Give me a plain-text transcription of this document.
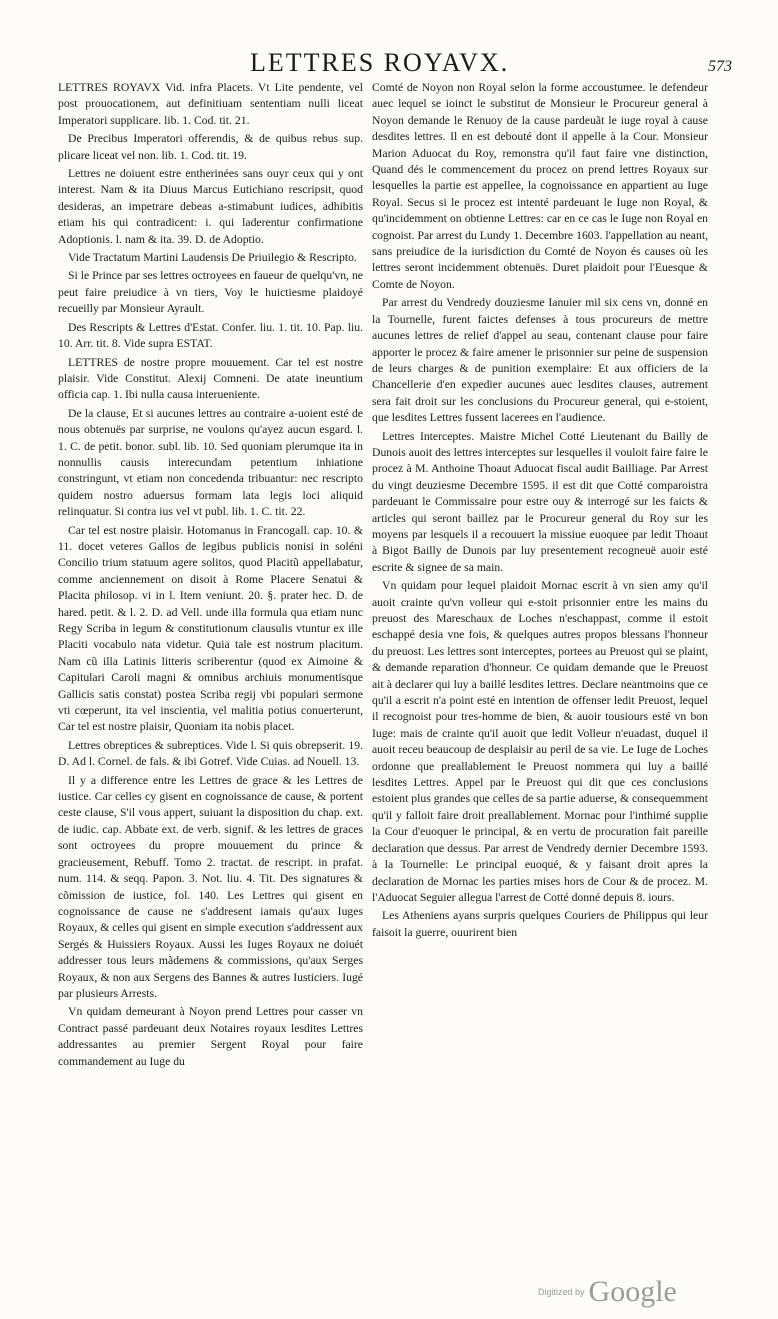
LETTRES ROYAVX.	573

LETTRES ROYAVX Vid. infra Placets. Vt Lite pendente, vel post prouocationem, aut definitiuam sententiam nulli liceat Imperatori supplicare. lib. 1. Cod. tit. 21.

De Precibus Imperatori offerendis, & de quibus rebus sup. plicare liceat vel non. lib. 1. Cod. tit. 19.

Lettres ne doiuent estre entherinées sans ouyr ceux qui y ont interest. Nam & ita Diuus Marcus Eutichiano rescripsit, quod desideras, an impetrare debeas a-stimabunt iudices, adhibitis etiam his qui contradicent: i. qui laderentur confirmatione Adoptionis. l. nam & ita. 39. D. de Adoptio.

Vide Tractatum Martini Laudensis De Priuilegio & Rescripto.

Si le Prince par ses lettres octroyees en faueur de quelqu'vn, ne peut faire preiudice à vn tiers, Voy le huictiesme plaidoyé recueilly par Monsieur Ayrault.

Des Rescripts & Lettres d'Estat. Confer. liu. 1. tit. 10. Pap. liu. 10. Arr. tit. 8. Vide supra ESTAT.

LETTRES de nostre propre mouuement. Car tel est nostre plaisir. Vide Constitut. Alexij Comneni. De atate ineuntium officia cap. 1. Ibi nulla causa interueniente.

De la clause, Et si aucunes lettres au contraire a-uoient esté de nous obtenuës par surprise, ne voulons qu'ayez aucun esgard. l. 1. C. de petit. bonor. subl. lib. 10. Sed quoniam plerumque ita in nonnullis causis interecundam petentium inhiatione constringunt, vt etiam non concedenda tribuantur: nec rescripto quidem nostro aduersus formam lata legis loci aliquid relinquatur. Si contra ius vel vt publ. lib. 1. C. tit. 22.

Car tel est nostre plaisir. Hotomanus in Francogall. cap. 10. & 11. docet veteres Gallos de legibus publicis nonisi in soléni Concilio trium statuum agere solitos, quod Placitũ appellabatur, comme anciennement on disoit à Rome Placere Senatui & Placita philosop. vi in l. Item veniunt. 20. §. prater hec. D. de hared. petit. & l. 2. D. ad Vell. unde illa formula qua etiam nunc Regy Scriba in legum & constitutionum clausulis vtuntur ex ille Placiti vocabulo nata videtur. Quia tale est nostrum placitum. Nam cũ illa Latinis litteris scriberentur (quod ex Aimoine & Capitulari Caroli magni & omnibus archiuis monumentisque Gallicis satis constat) postea Scriba regij vbi populari sermone vti cœperunt, ita vel inscientia, vel malitia potius conuerterunt, Car tel est nostre plaisir, Quoniam ita nobis placet.

Lettres obreptices & subreptices. Vide l. Si quis obrepserit. 19. D. Ad l. Cornel. de fals. & ibi Gotref. Vide Cuias. ad Nouell. 13.

Il y a difference entre les Lettres de grace & les Lettres de iustice. Car celles cy gisent en cognoissance de cause, & portent ceste clause, S'il vous appert, suiuant la disposition du chap. ext. de iudic. cap. Abbate ext. de verb. signif. & les lettres de graces sont octroyees du propre mouuement du prince & gracieusement, Rebuff. Tomo 2. tractat. de rescript. in prafat. num. 114. & seqq. Papon. 3. Not. liu. 4. Tit. Des signatures & cõmission de iustice, fol. 140. Les Lettres qui gisent en cognoissance de cause ne s'addresent iamais qu'aux Iuges Royaux, & celles qui gisent en simple execution s'addressent aux Sergés & Huissiers Royaux. Aussi les Iuges Royaux ne doiuét addresser tous leurs mãdemens & commissions, qu'aux Serges Royaux, & non aux Sergens des Bannes & autres Iusticiers. Iugé par plusieurs Arrests.

Vn quidam demeurant à Noyon prend Lettres pour casser vn Contract passé pardeuant deux Notaires royaux lesdites Lettres addressantes au premier Sergent Royal pour faire commandement au Iuge du

Comté de Noyon non Royal selon la forme accoustumee. le defendeur auec lequel se ioinct le substitut de Monsieur le Procureur general à Noyon demande le Renuoy de la cause pardeuãt le iuge royal à cause desdites lettres. Il en est debouté dont il appelle à la Cour. Monsieur Marion Aduocat du Roy, remonstra qu'il faut faire vne distinction, Quand dés le commencement du procez on prend lettres Royaux sur lesquelles la partie est appellee, la cognoissance en appartient au Iuge Royal. Secus si le procez est intenté pardeuant le Iuge non Royal, & qu'incidemment on obtienne Lettres: car en ce cas le Iuge non Royal en cognoist. Par arrest du Lundy 1. Decembre 1603. l'appellation au neant, sans preiudice de la iurisdiction du Comté de Noyon és causes où les lettres seront incidemment obtenuës. Duret plaidoit pour l'Euesque & Comte de Noyon.

Par arrest du Vendredy douziesme Ianuier mil six cens vn, donné en la Tournelle, furent faictes defenses à tous procureurs de mettre aucunes lettres de relief d'appel au seau, contenant clause pour faire apporter le procez & faire amener le prisonnier sur peine de suspension de leurs charges & de punition exemplaire: Et aux officiers de la Chancellerie d'en expedier aucunes auec lesdites clauses, autrement sera fait droit sur les conclusions du Procureur general, qui e-stoient, que lesdites Lettres fussent lacerees en l'audience.

Lettres Interceptes. Maistre Michel Cotté Lieutenant du Bailly de Dunois auoit des lettres interceptes sur lesquelles il vouloit faire faire le procez à M. Anthoine Thoaut Aduocat fiscal audit Bailliage. Par Arrest du vingt deuziesme Decembre 1595. il est dit que Cotté comparoistra pardeuant le Commissaire pour estre ouy & interrogé sur les faicts & articles qui seront baillez par le Procureur general du Roy sur les moyens par lesquels il a recouuert la missiue euoquee par ledit Thoaut à Bigot Bailly de Dunois par luy presentement recogneuë auoir esté escrite & signee de sa main.

Vn quidam pour lequel plaidoit Mornac escrit à vn sien amy qu'il auoit crainte qu'vn volleur qui e-stoit prisonnier entre les mains du preuost des Mareschaux de Loches n'eschappast, comme il estoit eschappé desia vne fois, & quelques autres propos blessans l'honneur du preuost. Les lettres sont interceptes, portees au Preuost qui se plaint, & demande reparation d'honneur. Ce quidam demande que le Preuost ait à declarer qui luy a baillé lesdites lettres. Declare neantmoins que ce qu'il a escrit n'a point esté en intention de offenser ledit Preuost, lequel il recognoist pour tres-homme de bien, & auoir tousiours esté vn bon Iuge: mais de crainte qu'il auoit que ledit Volleur n'euadast, duquel il auoit receu beaucoup de desplaisir au peril de sa vie. Le Iuge de Loches ordonne que preallablement le Preuost nommera qui luy a baillé lesdites Lettres. Appel par le Preuost qui dit que ces conclusions estoient plus grandes que celles de sa partie aduerse, & consequemment qu'il y falloit faire droit preallablement. Mornac pour l'inthimé supplie la Cour d'euoquer le principal, & en vertu de procuration fait pareille declaration que dessus. Par arrest de Vendredy dernier Decembre 1593. à la Tournelle: Le principal euoqué, & y faisant droit apres la declaration de Mornac les parties mises hors de Cour & de procez. M. l'Aduocat Seguier allegua l'arrest de Cotté donné depuis 8. iours.

Les Atheniens ayans surpris quelques Couriers de Philippus qui leur faisoit la guerre, ouurirent bien

Digitized by Google
